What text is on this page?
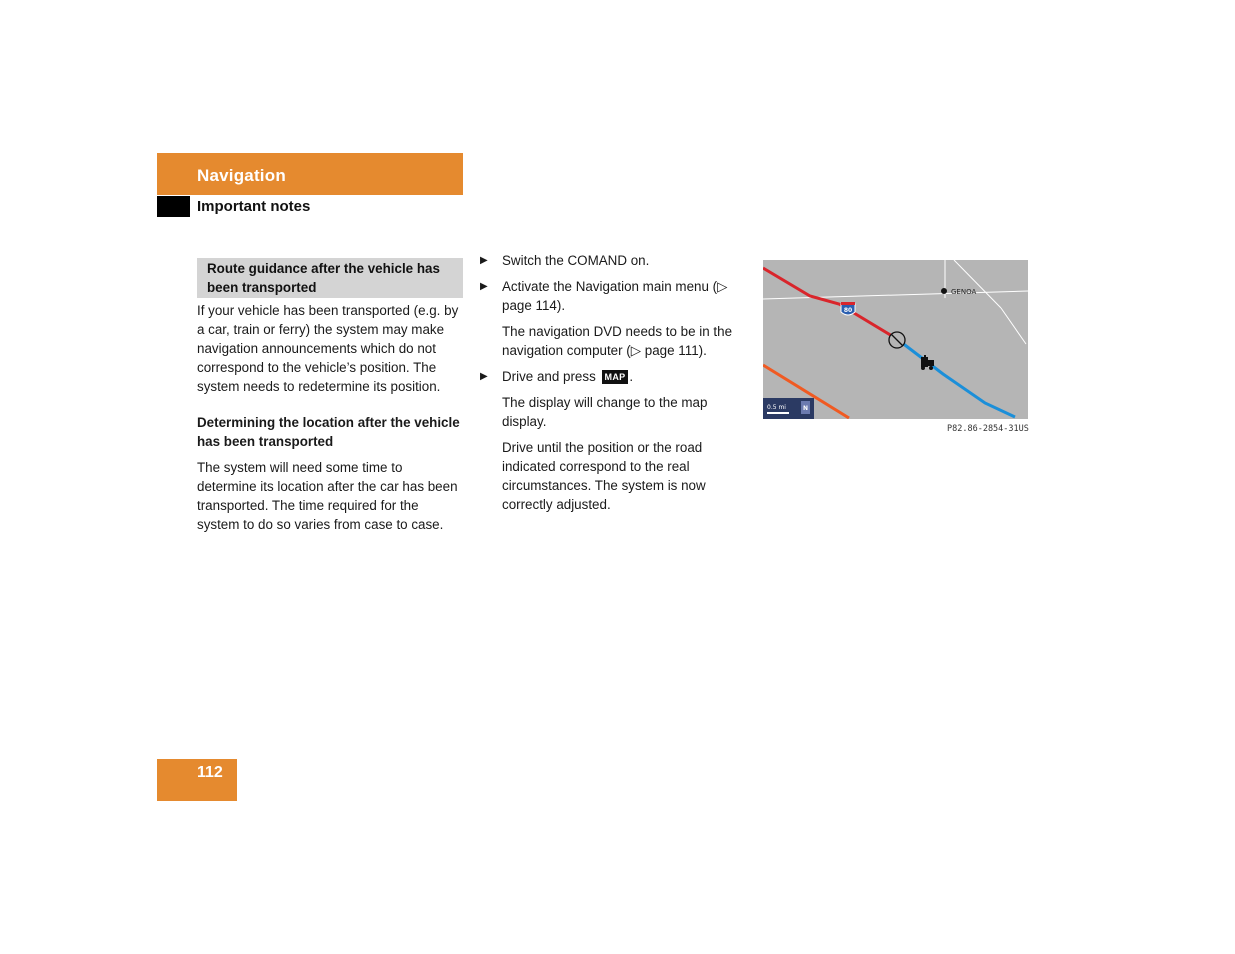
Navigation
Important notes
Route guidance after the vehicle has been transported

If your vehicle has been transported (e.g. by a car, train or ferry) the system may make navigation announcements which do not correspond to the vehicle’s position. The system needs to redetermine its position.

Determining the location after the vehicle has been transported

The system will need some time to determine its location after the car has been transported. The time required for the system to do so varies from case to case.

▶	Switch the COMAND on.

▶	Activate the Navigation main menu (▷ page 114).

The navigation DVD needs to be in the navigation computer (▷ page 111).

▶	Drive and press MAP .

The display will change to the map display.

Drive until the position or the road indicated correspond to the real circumstances. The system is now correctly adjusted.

80
GENOA
0.5 mi	N
P82.86-2854-31US
112
